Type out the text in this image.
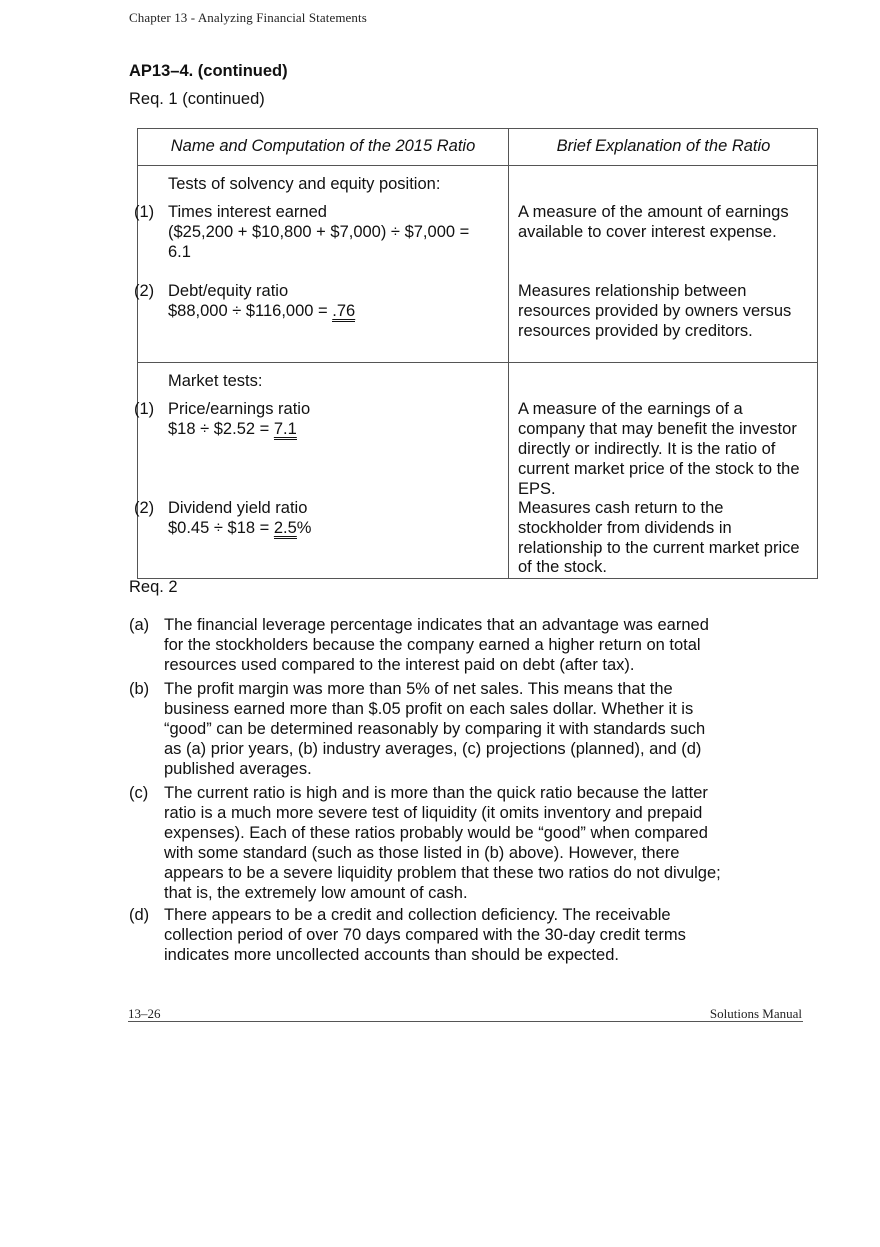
Chapter 13 - Analyzing Financial Statements
AP13–4. (continued)
Req. 1 (continued)
Name and Computation of the 2015 Ratio	Brief Explanation of the Ratio
Tests of solvency and equity position:
(1) Times interest earned
($25,200 + $10,800 + $7,000) ÷ $7,000 =
6.1
A measure of the amount of earnings
available to cover interest expense.
(2) Debt/equity ratio
$88,000 ÷ $116,000 = .76
Measures relationship between
resources provided by owners versus
resources provided by creditors.
Market tests:
(1) Price/earnings ratio
$18 ÷ $2.52 = 7.1
A measure of the earnings of a
company that may benefit the investor
directly or indirectly. It is the ratio of
current market price of the stock to the
EPS.
(2) Dividend yield ratio
$0.45 ÷ $18 = 2.5%
Measures cash return to the
stockholder from dividends in
relationship to the current market price
of the stock.
Req. 2
(a) The financial leverage percentage indicates that an advantage was earned
for the stockholders because the company earned a higher return on total
resources used compared to the interest paid on debt (after tax).
(b) The profit margin was more than 5% of net sales. This means that the
business earned more than $.05 profit on each sales dollar. Whether it is
“good” can be determined reasonably by comparing it with standards such
as (a) prior years, (b) industry averages, (c) projections (planned), and (d)
published averages.
(c) The current ratio is high and is more than the quick ratio because the latter
ratio is a much more severe test of liquidity (it omits inventory and prepaid
expenses). Each of these ratios probably would be “good” when compared
with some standard (such as those listed in (b) above). However, there
appears to be a severe liquidity problem that these two ratios do not divulge;
that is, the extremely low amount of cash.
(d) There appears to be a credit and collection deficiency. The receivable
collection period of over 70 days compared with the 30-day credit terms
indicates more uncollected accounts than should be expected.
13–26	Solutions Manual
